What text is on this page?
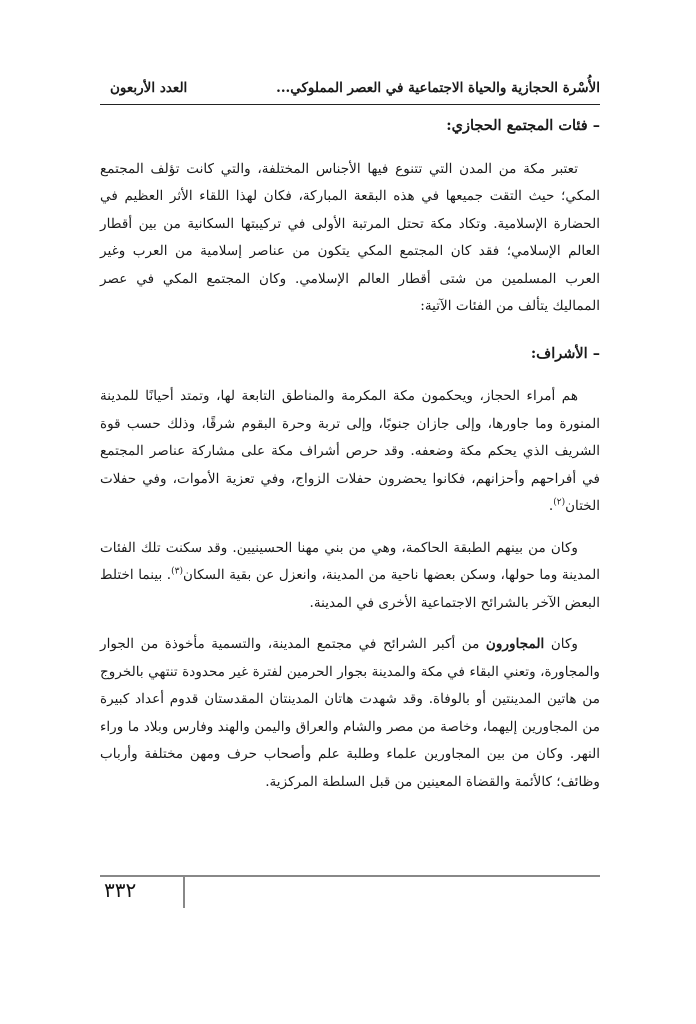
الأُسْرة الحجازية والحياة الاجتماعية في العصر المملوكي...
العدد الأربعون
– فئات المجتمع الحجازي:

تعتبر مكة من المدن التي تتنوع فيها الأجناس المختلفة، والتي كانت تؤلف المجتمع المكي؛ حيث التقت جميعها في هذه البقعة المباركة، فكان لهذا اللقاء الأثر العظيم في الحضارة الإسلامية. وتكاد مكة تحتل المرتبة الأولى في تركيبتها السكانية من بين أقطار العالم الإسلامي؛ فقد كان المجتمع المكي يتكون من عناصر إسلامية من العرب وغير العرب المسلمين من شتى أقطار العالم الإسلامي. وكان المجتمع المكي في عصر المماليك يتألف من الفئات الآتية:

– الأشراف:

هم أمراء الحجاز، ويحكمون مكة المكرمة والمناطق التابعة لها، وتمتد أحيانًا للمدينة المنورة وما جاورها، وإلى جازان جنوبًا، وإلى تربة وحرة البقوم شرقًا، وذلك حسب قوة الشريف الذي يحكم مكة وضعفه. وقد حرص أشراف مكة على مشاركة عناصر المجتمع في أفراحهم وأحزانهم، فكانوا يحضرون حفلات الزواج، وفي تعزية الأموات، وفي حفلات الختان$^{(٢)}$.

وكان من بينهم الطبقة الحاكمة، وهي من بني مهنا الحسينيين. وقد سكنت تلك الفئات المدينة وما حولها، وسكن بعضها ناحية من المدينة، وانعزل عن بقية السكان$^{(٣)}$. بينما اختلط البعض الآخر بالشرائح الاجتماعية الأخرى في المدينة.

وكان المجاورون من أكبر الشرائح في مجتمع المدينة، والتسمية مأخوذة من الجوار والمجاورة، وتعني البقاء في مكة والمدينة بجوار الحرمين لفترة غير محدودة تنتهي بالخروج من هاتين المدينتين أو بالوفاة. وقد شهدت هاتان المدينتان المقدستان قدوم أعداد كبيرة من المجاورين إليهما، وخاصة من مصر والشام والعراق واليمن والهند وفارس وبلاد ما وراء النهر. وكان من بين المجاورين علماء وطلبة علم وأصحاب حرف ومهن مختلفة وأرباب وظائف؛ كالأئمة والقضاة المعينين من قبل السلطة المركزية.

٣٣٢
